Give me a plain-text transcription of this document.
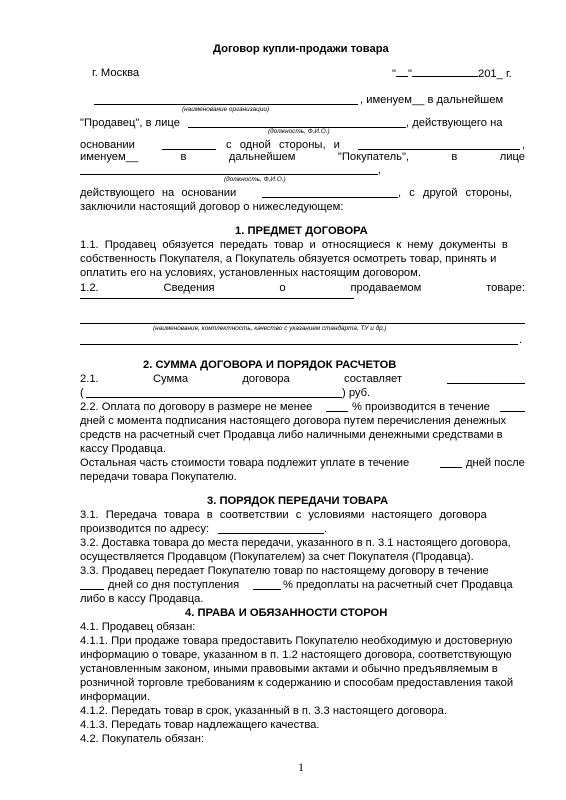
Договор купли-продажи товара
г. Москва	" "	201_ г.
, именуем__ в дальнейшем
(наименование организации)
"Продавец", в лице	, действующего на
(должность, Ф.И.О.)
основании	с одной стороны, и	,
именуем__	в	дальнейшем	"Покупатель",	в	лице
,
(должность, Ф.И.О.)
действующего на основании	, с другой стороны,
заключили настоящий договор о нижеследующем:
1. ПРЕДМЕТ ДОГОВОРА
1.1. Продавец обязуется передать товар и относящиеся к нему документы в
собственность Покупателя, а Покупатель обязуется осмотреть товар, принять и
оплатить его на условиях, установленных настоящим договором.
1.2.	Сведения	о	продаваемом	товаре:
(наименование, комплектность, качество с указанием стандарта, ТУ и др.)
.
2. СУММА ДОГОВОРА И ПОРЯДОК РАСЧЕТОВ
2.1.	Сумма	договора	составляет
(	) руб.
2.2. Оплата по договору в размере не менее	% производится в течение
дней с момента подписания настоящего договора путем перечисления денежных
средств на расчетный счет Продавца либо наличными денежными средствами в
кассу Продавца.
Остальная часть стоимости товара подлежит уплате в течение	дней после
передачи товара Покупателю.
3. ПОРЯДОК ПЕРЕДАЧИ ТОВАРА
3.1. Передача товара в соответствии с условиями настоящего договора
производится по адресу:	.
3.2. Доставка товара до места передачи, указанного в п. 3.1 настоящего договора,
осуществляется Продавцом (Покупателем) за счет Покупателя (Продавца).
3.3. Продавец передает Покупателю товар по настоящему договору в течение
дней со дня поступления	% предоплаты на расчетный счет Продавца
либо в кассу Продавца.
4. ПРАВА И ОБЯЗАННОСТИ СТОРОН
4.1. Продавец обязан:
4.1.1. При продаже товара предоставить Покупателю необходимую и достоверную
информацию о товаре, указанном в п. 1.2 настоящего договора, соответствующую
установленным законом, иными правовыми актами и обычно предъявляемым в
розничной торговле требованиям к содержанию и способам предоставления такой
информации.
4.1.2. Передать товар в срок, указанный в п. 3.3 настоящего договора.
4.1.3. Передать товар надлежащего качества.
4.2. Покупатель обязан:
1
